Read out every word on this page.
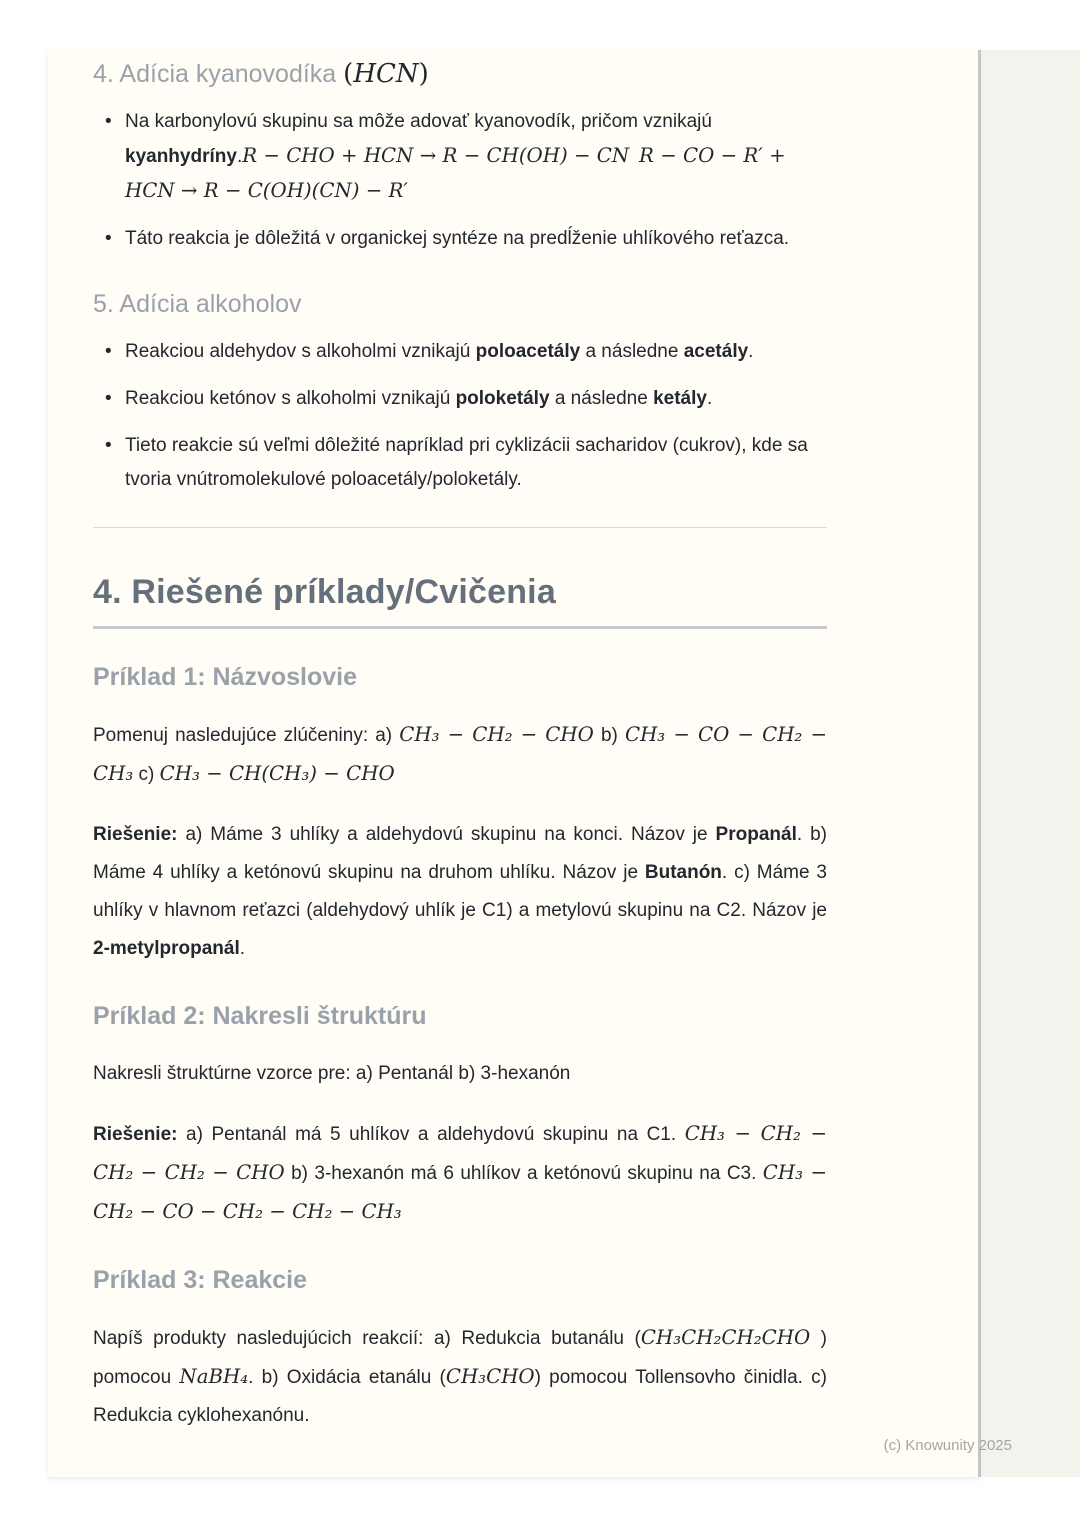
4. Adícia kyanovodíka (HCN)
• Na karbonylovú skupinu sa môže adovať kyanovodík, pričom vznikajú kyanhydríny.R − CHO + HCN → R − CH(OH) − CN R − CO − R′ + HCN → R − C(OH)(CN) − R′
• Táto reakcia je dôležitá v organickej syntéze na predĺženie uhlíkového reťazca.
5. Adícia alkoholov
• Reakciou aldehydov s alkoholmi vznikajú poloacetály a následne acetály.
• Reakciou ketónov s alkoholmi vznikajú poloketály a následne ketály.
• Tieto reakcie sú veľmi dôležité napríklad pri cyklizácii sacharidov (cukrov), kde sa tvoria vnútromolekulové poloacetály/poloketály.
4. Riešené príklady/Cvičenia
Príklad 1: Názvoslovie

Pomenuj nasledujúce zlúčeniny: a) CH₃ − CH₂ − CHO b) CH₃ − CO − CH₂ − CH₃ c) CH₃ − CH(CH₃) − CHO

Riešenie: a) Máme 3 uhlíky a aldehydovú skupinu na konci. Názov je Propanál. b) Máme 4 uhlíky a ketónovú skupinu na druhom uhlíku. Názov je Butanón. c) Máme 3 uhlíky v hlavnom reťazci (aldehydový uhlík je C1) a metylovú skupinu na C2. Názov je 2-metylpropanál.

Príklad 2: Nakresli štruktúru

Nakresli štruktúrne vzorce pre: a) Pentanál b) 3-hexanón

Riešenie: a) Pentanál má 5 uhlíkov a aldehydovú skupinu na C1. CH₃ − CH₂ − CH₂ − CH₂ − CHO b) 3-hexanón má 6 uhlíkov a ketónovú skupinu na C3. CH₃ − CH₂ − CO − CH₂ − CH₂ − CH₃

Príklad 3: Reakcie

Napíš produkty nasledujúcich reakcií: a) Redukcia butanálu (CH₃CH₂CH₂CHO ) pomocou NaBH₄. b) Oxidácia etanálu (CH₃CHO) pomocou Tollensovho činidla. c) Redukcia cyklohexanónu.

(c) Knowunity 2025
